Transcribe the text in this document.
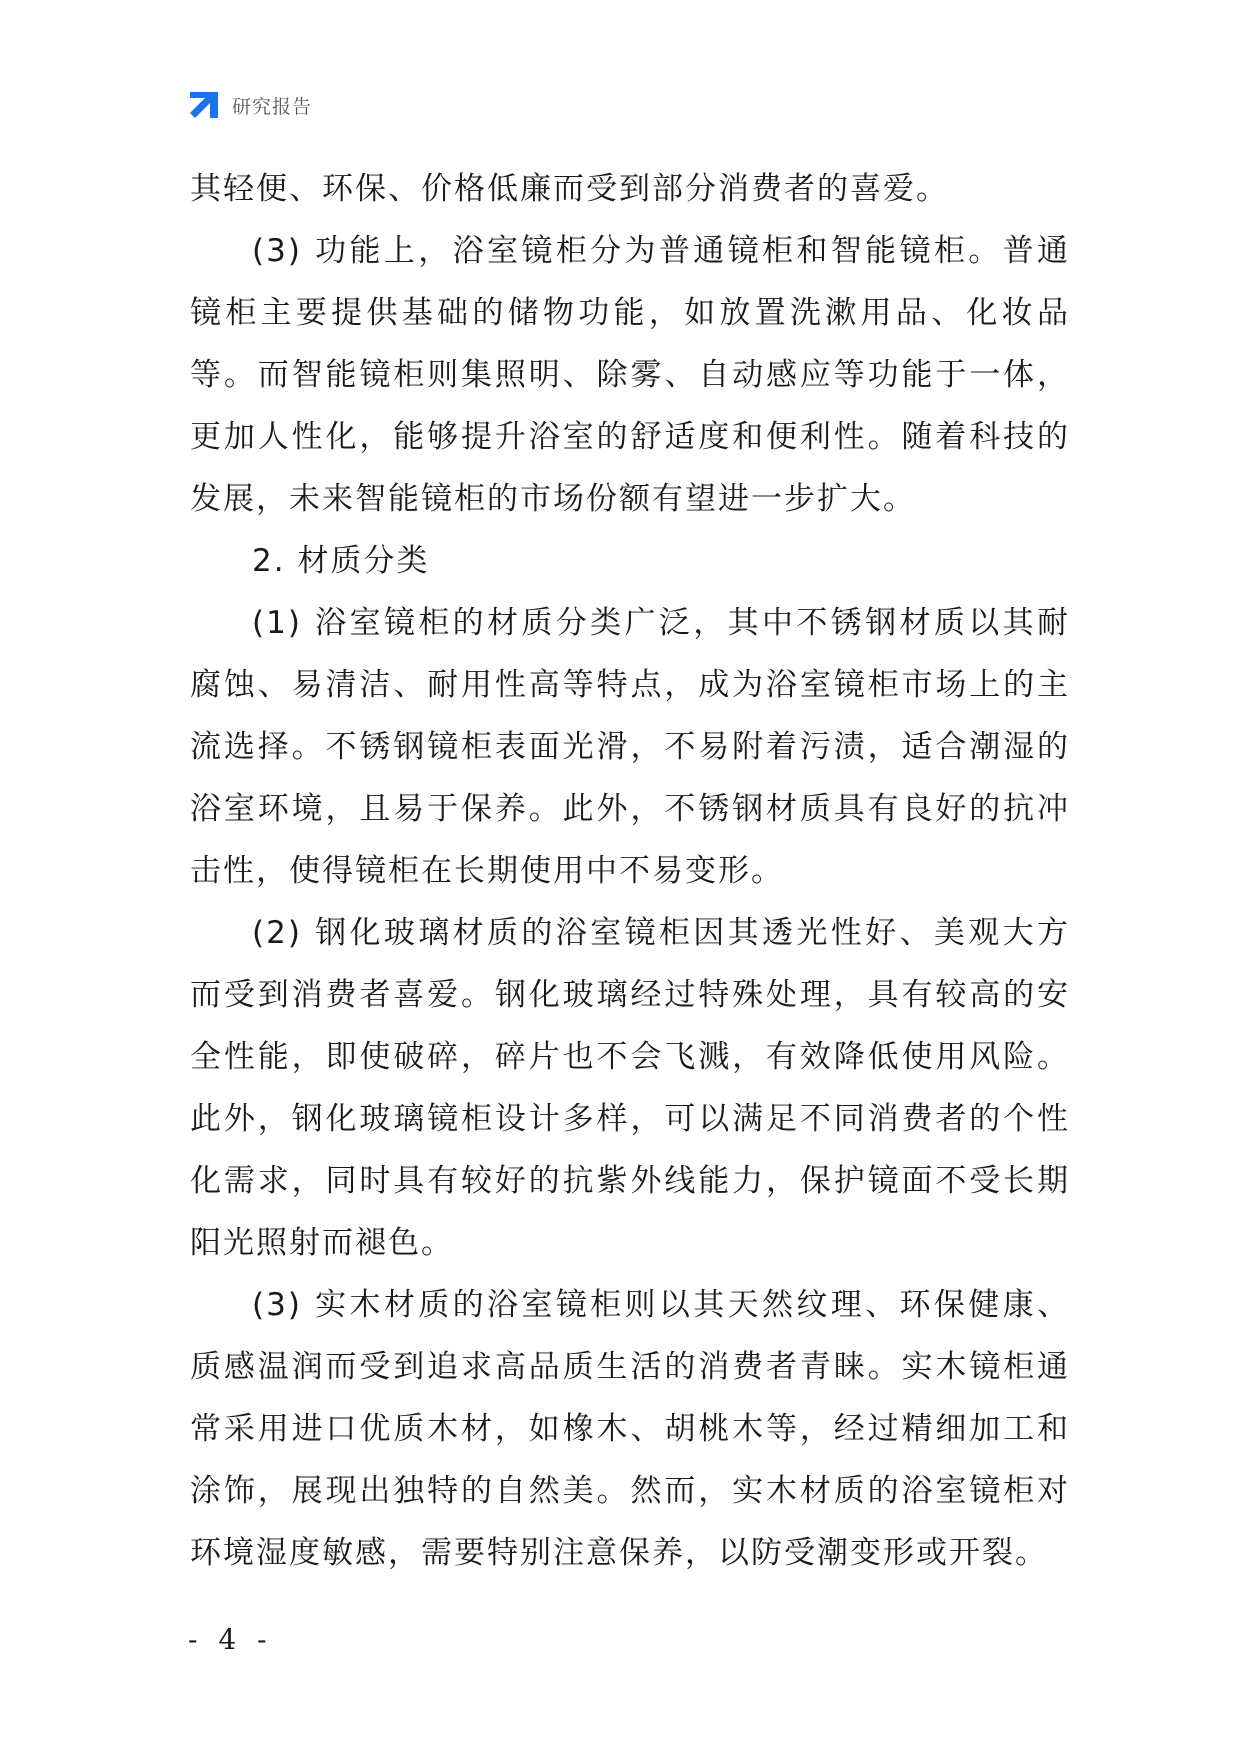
研究报告

其轻便、环保、价格低廉而受到部分消费者的喜爱。

(3) 功能上，浴室镜柜分为普通镜柜和智能镜柜。普通镜柜主要提供基础的储物功能，如放置洗漱用品、化妆品等。而智能镜柜则集照明、除雾、自动感应等功能于一体，更加人性化，能够提升浴室的舒适度和便利性。随着科技的发展，未来智能镜柜的市场份额有望进一步扩大。

2. 材质分类

(1) 浴室镜柜的材质分类广泛，其中不锈钢材质以其耐腐蚀、易清洁、耐用性高等特点，成为浴室镜柜市场上的主流选择。不锈钢镜柜表面光滑，不易附着污渍，适合潮湿的浴室环境，且易于保养。此外，不锈钢材质具有良好的抗冲击性，使得镜柜在长期使用中不易变形。

(2) 钢化玻璃材质的浴室镜柜因其透光性好、美观大方而受到消费者喜爱。钢化玻璃经过特殊处理，具有较高的安全性能，即使破碎，碎片也不会飞溅，有效降低使用风险。此外，钢化玻璃镜柜设计多样，可以满足不同消费者的个性化需求，同时具有较好的抗紫外线能力，保护镜面不受长期阳光照射而褪色。

(3) 实木材质的浴室镜柜则以其天然纹理、环保健康、质感温润而受到追求高品质生活的消费者青睐。实木镜柜通常采用进口优质木材，如橡木、胡桃木等，经过精细加工和涂饰，展现出独特的自然美。然而，实木材质的浴室镜柜对环境湿度敏感，需要特别注意保养，以防受潮变形或开裂。

- 4 -
